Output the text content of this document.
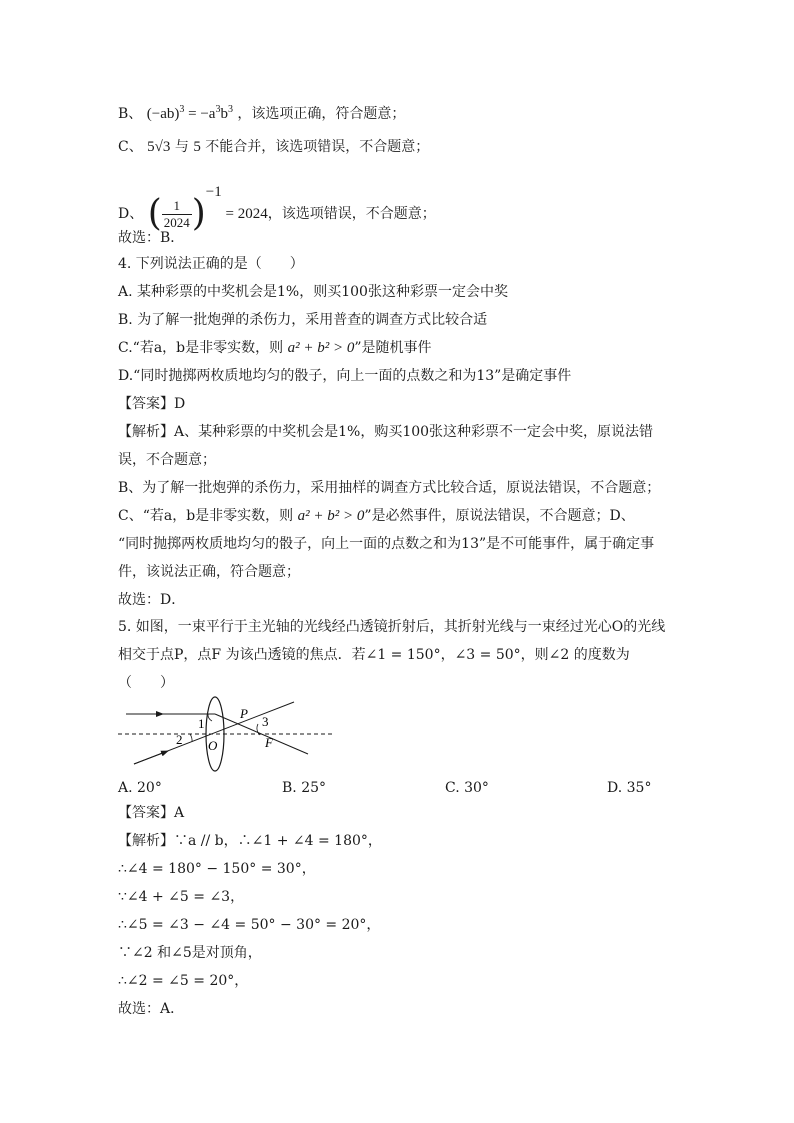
B、 $(-ab)^3 = -a^3b^3$ ，该选项正确，符合题意；
C、 5√3 与 5 不能合并，该选项错误，不合题意；
D、 ( $\frac{1}{2024} )^{-1} = 2024$，该选项错误，不合题意；
故选：B．
4. 下列说法正确的是（　　）
A. 某种彩票的中奖机会是1%，则买100张这种彩票一定会中奖
B. 为了解一批炮弹的杀伤力，采用普查的调查方式比较合适
C.“若a，b是非零实数，则 a² + b² > 0”是随机事件
D.“同时抛掷两枚质地均匀的骰子，向上一面的点数之和为13”是确定事件
【答案】D
【解析】A、某种彩票的中奖机会是1%，购买100张这种彩票不一定会中奖，原说法错
误，不合题意；
B、为了解一批炮弹的杀伤力，采用抽样的调查方式比较合适，原说法错误，不合题意；
C、“若a，b是非零实数，则 a² + b² > 0”是必然事件，原说法错误，不合题意；D、
“同时抛掷两枚质地均匀的骰子，向上一面的点数之和为13”是不可能事件，属于确定事
件，该说法正确，符合题意；
故选：D．
5. 如图，一束平行于主光轴的光线经凸透镜折射后，其折射光线与一束经过光心O的光线
相交于点P，点F 为该凸透镜的焦点．若∠1 = 150°，∠3 = 50°，则∠2 的度数为
（　　）
1
2
3
P
O	F
A. 20°	B. 25°	C. 30°	D. 35°
【答案】A
【解析】∵a // b，∴∠1 + ∠4 = 180°，
∴∠4 = 180° − 150° = 30°，
∵∠4 + ∠5 = ∠3，
∴∠5 = ∠3 − ∠4 = 50° − 30° = 20°，
∵∠2 和∠5是对顶角，
∴∠2 = ∠5 = 20°，
故选：A．
